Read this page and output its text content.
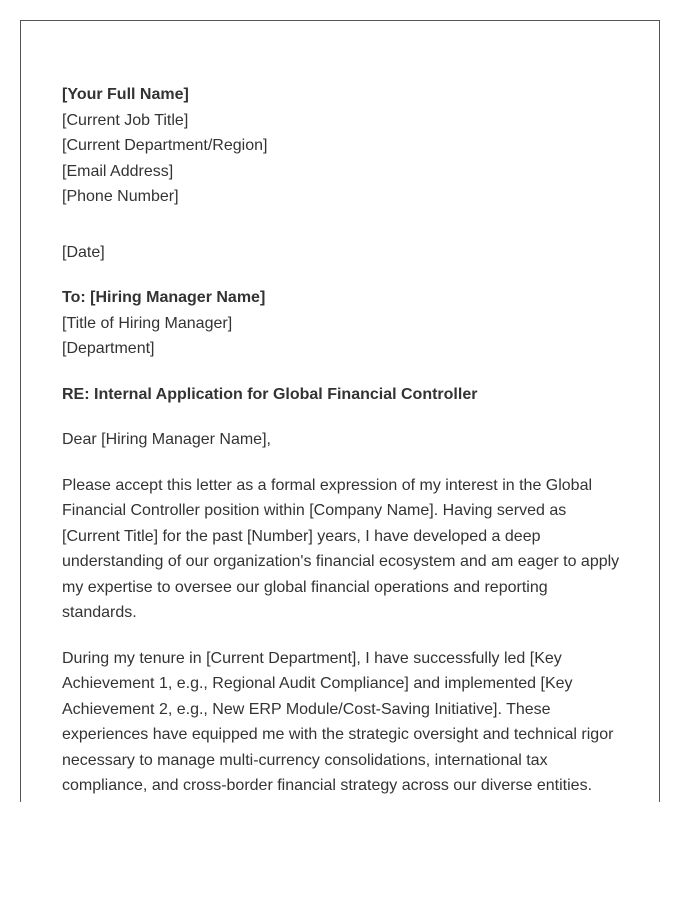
[Your Full Name]
[Current Job Title]
[Current Department/Region]
[Email Address]
[Phone Number]
[Date]
To: [Hiring Manager Name]
[Title of Hiring Manager]
[Department]
RE: Internal Application for Global Financial Controller
Dear [Hiring Manager Name],
Please accept this letter as a formal expression of my interest in the Global
Financial Controller position within [Company Name]. Having served as
[Current Title] for the past [Number] years, I have developed a deep
understanding of our organization's financial ecosystem and am eager to apply
my expertise to oversee our global financial operations and reporting
standards.
During my tenure in [Current Department], I have successfully led [Key
Achievement 1, e.g., Regional Audit Compliance] and implemented [Key
Achievement 2, e.g., New ERP Module/Cost-Saving Initiative]. These
experiences have equipped me with the strategic oversight and technical rigor
necessary to manage multi-currency consolidations, international tax
compliance, and cross-border financial strategy across our diverse entities.
